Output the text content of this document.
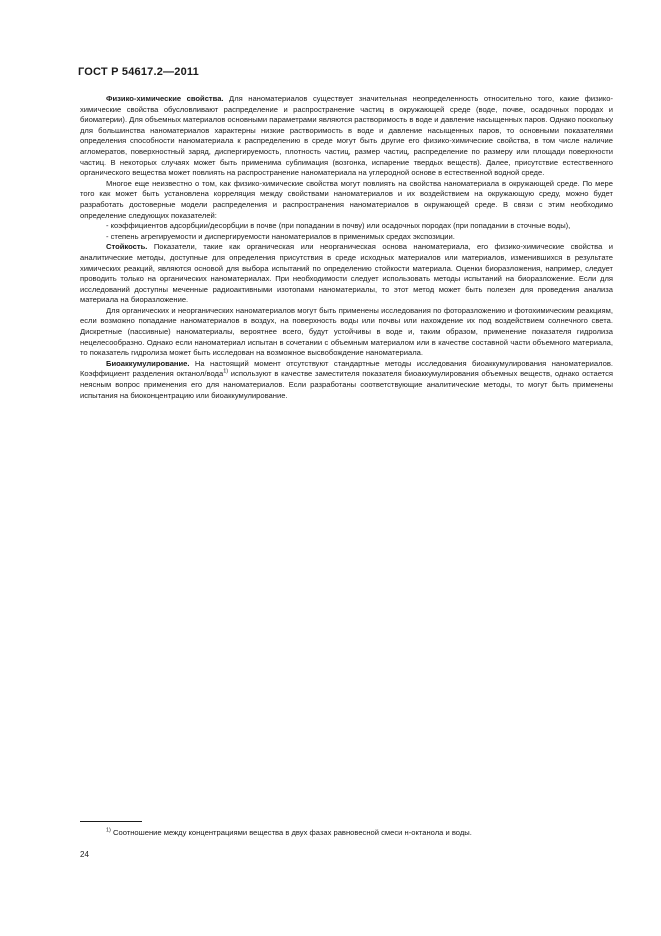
ГОСТ Р 54617.2—2011

Физико-химические свойства. Для наноматериалов существует значительная неопределенность относительно того, какие физико-химические свойства обусловливают распределение и распространение частиц в окружающей среде (воде, почве, осадочных породах и биоматерии). Для объемных материалов основными параметрами являются растворимость в воде и давление насыщенных паров. Однако поскольку для большинства наноматериалов характерны низкие растворимость в воде и давление насыщенных паров, то основными показателями определения способности наноматериала к распределению в среде могут быть другие его физико-химические свойства, в том числе наличие агломератов, поверхностный заряд, диспергируемость, плотность частиц, размер частиц, распределение по размеру или площади поверхности частиц. В некоторых случаях может быть применима сублимация (возгонка, испарение твердых веществ). Далее, присутствие естественного органического вещества может повлиять на распространение наноматериала на углеродной основе в естественной водной среде.

Многое еще неизвестно о том, как физико-химические свойства могут повлиять на свойства наноматериала в окружающей среде. По мере того как может быть установлена корреляция между свойствами наноматериалов и их воздействием на окружающую среду, можно будет разработать достоверные модели распределения и распространения наноматериалов в окружающей среде. В связи с этим необходимо определение следующих показателей:

- коэффициентов адсорбции/десорбции в почве (при попадании в почву) или осадочных породах (при попадании в сточные воды),

- степень агрегируемости и диспергируемости наноматериалов в применимых средах экспозиции.

Стойкость. Показатели, такие как органическая или неорганическая основа наноматериала, его физико-химические свойства и аналитические методы, доступные для определения присутствия в среде исходных материалов или материалов, изменившихся в результате химических реакций, являются основой для выбора испытаний по определению стойкости материала. Оценки биоразложения, например, следует проводить только на органических наноматериалах. При необходимости следует использовать методы испытаний на биоразложение. Если для исследований доступны меченные радиоактивными изотопами наноматериалы, то этот метод может быть полезен для проведения анализа материала на биоразложение.

Для органических и неорганических наноматериалов могут быть применены исследования по фоторазложению и фотохимическим реакциям, если возможно попадание наноматериалов в воздух, на поверхность воды или почвы или нахождение их под воздействием солнечного света. Дискретные (пассивные) наноматериалы, вероятнее всего, будут устойчивы в воде и, таким образом, применение показателя гидролиза нецелесообразно. Однако если наноматериал испытан в сочетании с объемным материалом или в качестве составной части объемного материала, то показатель гидролиза может быть исследован на возможное высвобождение наноматериала.

Биоаккумулирование. На настоящий момент отсутствуют стандартные методы исследования биоаккумулирования наноматериалов. Коэффициент разделения октанол/вода$^{1)}$ используют в качестве заместителя показателя биоаккумулирования объемных веществ, однако остается неясным вопрос применения его для наноматериалов. Если разработаны соответствующие аналитические методы, то могут быть применены испытания на биоконцентрацию или биоаккумулирование.

$^{1)}$ Соотношение между концентрациями вещества в двух фазах равновесной смеси н-октанола и воды.
24
